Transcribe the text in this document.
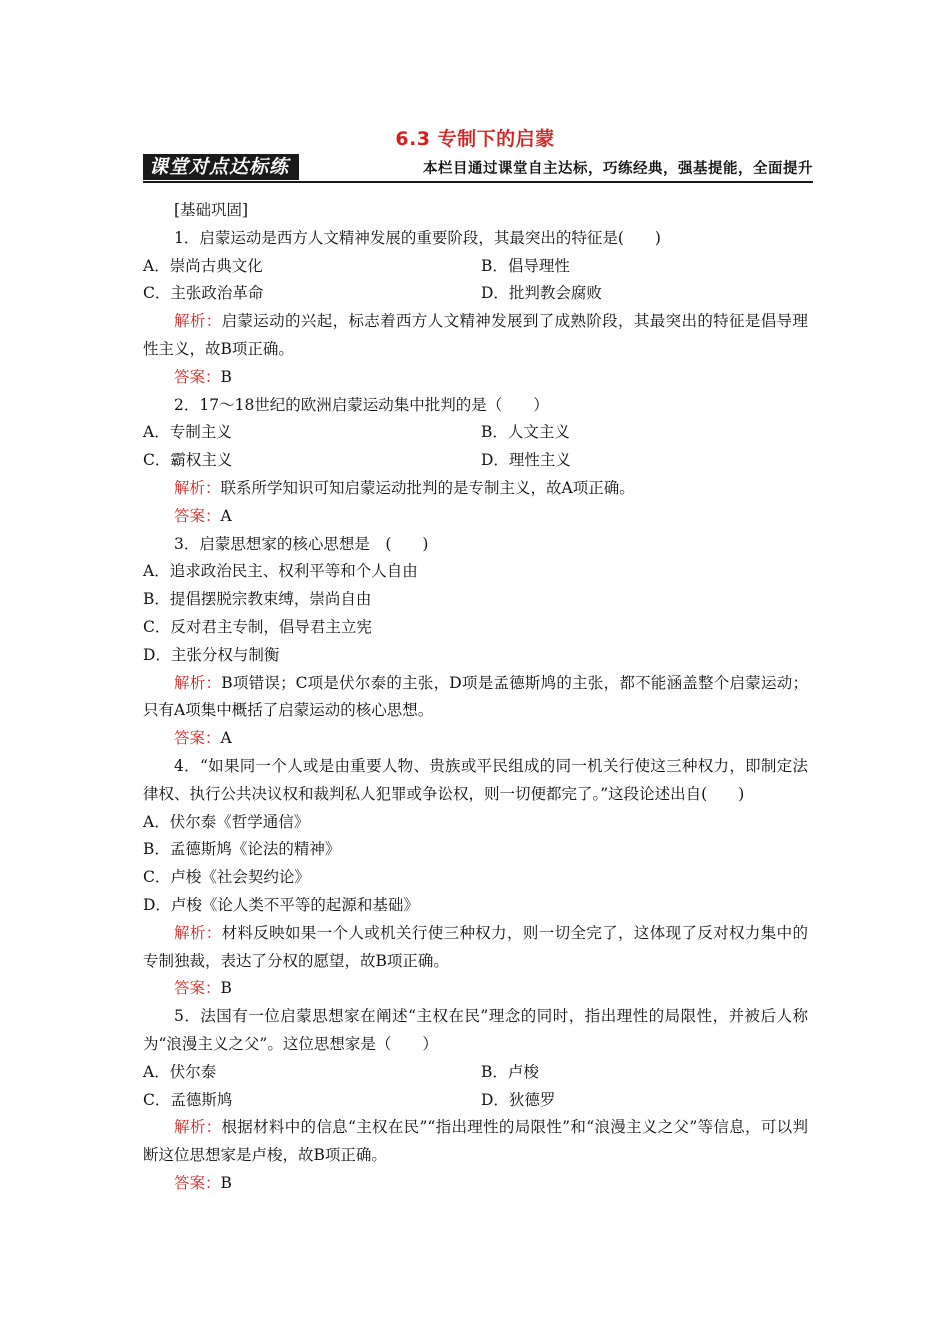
6.3 专制下的启蒙
课堂对点达标练	本栏目通过课堂自主达标，巧练经典，强基提能，全面提升
[基础巩固]
1．启蒙运动是西方人文精神发展的重要阶段，其最突出的特征是(　　)
A．崇尚古典文化	B．倡导理性
C．主张政治革命	D．批判教会腐败
解析：启蒙运动的兴起，标志着西方人文精神发展到了成熟阶段，其最突出的特征是倡导理性主义，故B项正确。
答案：B
2．17～18世纪的欧洲启蒙运动集中批判的是（　　）
A．专制主义	B．人文主义
C．霸权主义	D．理性主义
解析：联系所学知识可知启蒙运动批判的是专制主义，故A项正确。
答案：A
3．启蒙思想家的核心思想是　(　　)
A．追求政治民主、权利平等和个人自由
B．提倡摆脱宗教束缚，崇尚自由
C．反对君主专制，倡导君主立宪
D．主张分权与制衡
解析：B项错误；C项是伏尔泰的主张，D项是孟德斯鸠的主张，都不能涵盖整个启蒙运动；只有A项集中概括了启蒙运动的核心思想。
答案：A
4．“如果同一个人或是由重要人物、贵族或平民组成的同一机关行使这三种权力，即制定法律权、执行公共决议权和裁判私人犯罪或争讼权，则一切便都完了。”这段论述出自(　　)
A．伏尔泰《哲学通信》
B．孟德斯鸠《论法的精神》
C．卢梭《社会契约论》
D．卢梭《论人类不平等的起源和基础》
解析：材料反映如果一个人或机关行使三种权力，则一切全完了，这体现了反对权力集中的专制独裁，表达了分权的愿望，故B项正确。
答案：B
5．法国有一位启蒙思想家在阐述“主权在民”理念的同时，指出理性的局限性，并被后人称为“浪漫主义之父”。这位思想家是（　　）
A．伏尔泰	B．卢梭
C．孟德斯鸠	D．狄德罗
解析：根据材料中的信息“主权在民”“指出理性的局限性”和“浪漫主义之父”等信息，可以判断这位思想家是卢梭，故B项正确。
答案：B
